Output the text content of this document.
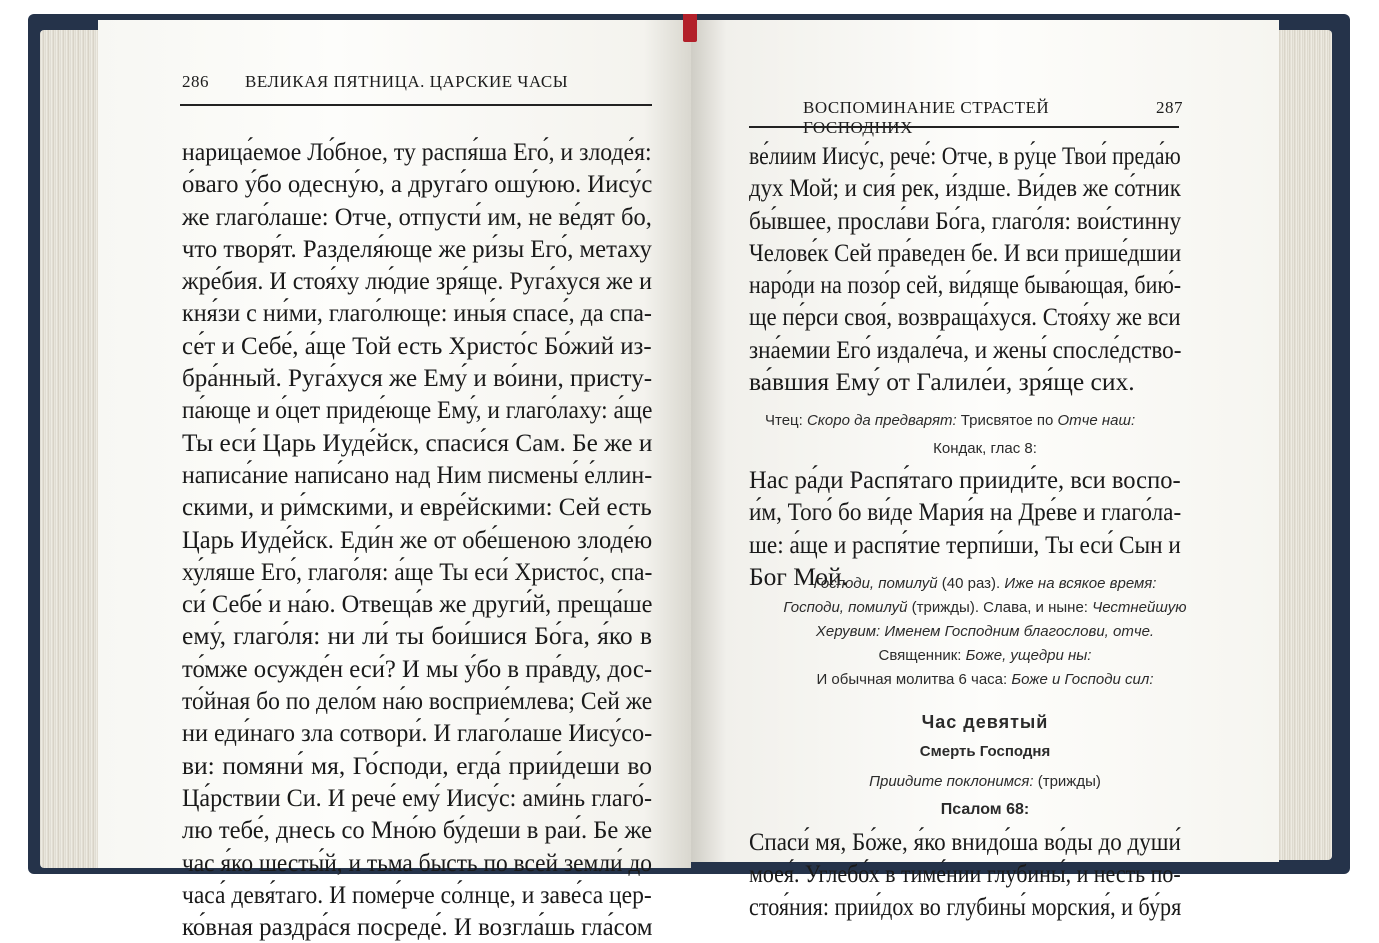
286 ВЕЛИКАЯ ПЯТНИЦА. ЦАРСКИЕ ЧАСЫ
нарица́емое Ло́бное, ту распя́ша Его́, и злоде́я:
о́ваго у́бо одесну́ю, а друга́го ошу́юю. Иису́с
же глаго́лаше: Отче, отпусти́ им, не ве́дят бо,
что творя́т. Разделя́юще же ри́зы Его́, метаху
жре́бия. И стоя́ху лю́дие зря́ще. Руга́хуся же и
кня́зи с ни́ми, глаго́люще: ины́я спасе́, да спа-
се́т и Себе́, а́ще Той есть Христо́с Бо́жий из-
бра́нный. Руга́хуся же Ему́ и во́ини, присту-
па́юще и о́цет приде́юще Ему́, и глаго́лаху: а́ще
Ты еси́ Царь Иуде́йск, спаси́ся Сам. Бе же и
написа́ние напи́сано над Ним писмены́ е́ллин-
скими, и ри́мскими, и евре́йскими: Сей есть
Царь Иуде́йск. Еди́н же от обе́шеною злоде́ю
ху́ляше Его́, глаго́ля: а́ще Ты еси́ Христо́с, спа-
си́ Себе́ и на́ю. Отвеща́в же други́й, преща́ше
ему́, глаго́ля: ни ли́ ты бои́шися Бо́га, я́ко в
то́мже осужде́н еси́? И мы у́бо в пра́вду, дос-
то́йная бо по дело́м на́ю восприе́млева; Сей же
ни еди́наго зла сотвори́. И глаго́лаше Иису́со-
ви: помяни́ мя, Го́споди, егда́ прии́деши во
Ца́рствии Си. И рече́ ему́ Иису́с: ами́нь глаго́-
лю тебе́, днесь со Мно́ю бу́деши в раи́. Бе же
час я́ко шесты́й, и тьма бысть по всей земли́ до
часа́ девя́таго. И поме́рче со́лнце, и заве́са цер-
ко́вная раздра́ся посреде́. И возгла́шь гла́сом
ВОСПОМИНАНИЕ СТРАСТЕЙ	287
ве́лиим Иису́с, рече́: Отче, в ру́це Твои́ преда́ю
дух Мой; и сия́ рек, и́здше. Ви́дев же со́тник
бы́вшее, просла́ви Бо́га, глаго́ля: вои́стинну
Челове́к Сей пра́веден бе. И вси прише́дшии
наро́ди на позо́р сей, ви́дяще быва́ющая, бию́-
ще пе́рси своя́, возвраща́хуся. Стоя́ху же вси
зна́емии Его́ издале́ча, и жены́ спосле́дство-
ва́вшия Ему́ от Галиле́и, зря́ще сих.
Чтец: Скоро да предварят: Трисвятое по Отче наш:
Кондак, глас 8:
Нас ра́ди Распя́таго прииди́те, вси воспо-
и́м, Того́ бо ви́де Мари́я на Дре́ве и глаго́ла-
ше: а́ще и распя́тие терпи́ши, Ты еси́ Сын и
Бог Мой.
Господи, помилуй (40 раз). Иже на всякое время:
Господи, помилуй (трижды). Слава, и ныне: Честнейшую
Херувим: Именем Господним благослови, отче.
Священник: Боже, ущедри ны:
И обычная молитва 6 часа: Боже и Господи сил:
Час девятый
Смерть Господня
Приидите поклонимся: (трижды)
Псалом 68:
Спаси́ мя, Бо́же, я́ко внидо́ша во́ды до души́
моея́. Углебо́х в тиме́нии глубины́, и несть по-
стоя́ния: прии́дох во глубины́ морския́, и бу́ря
